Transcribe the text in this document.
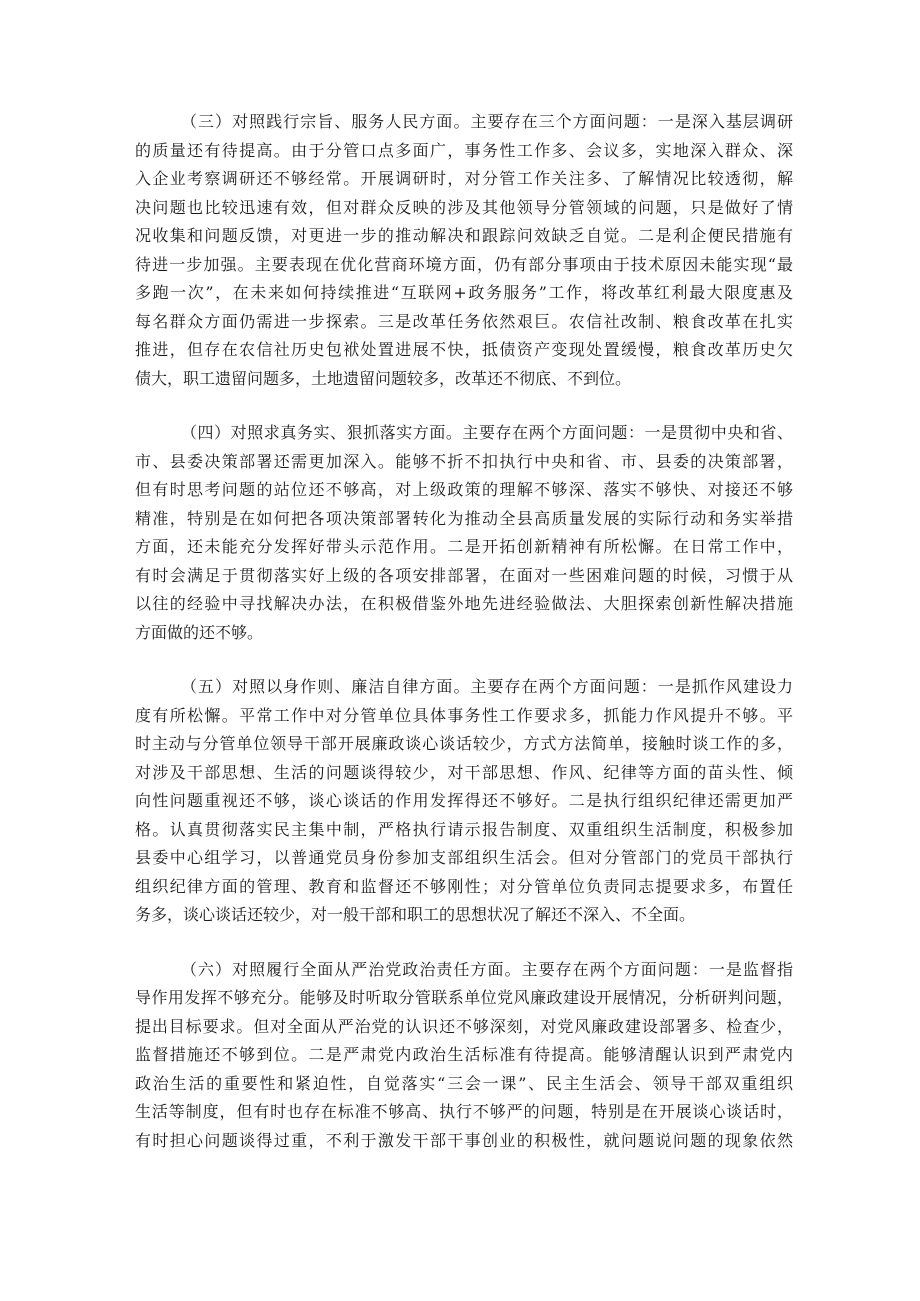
（三）对照践行宗旨、服务人民方面。主要存在三个方面问题：一是深入基层调研
的质量还有待提高。由于分管口点多面广，事务性工作多、会议多，实地深入群众、深
入企业考察调研还不够经常。开展调研时，对分管工作关注多、了解情况比较透彻，解
决问题也比较迅速有效，但对群众反映的涉及其他领导分管领域的问题，只是做好了情
况收集和问题反馈，对更进一步的推动解决和跟踪问效缺乏自觉。二是利企便民措施有
待进一步加强。主要表现在优化营商环境方面，仍有部分事项由于技术原因未能实现“最
多跑一次”，在未来如何持续推进“互联网+政务服务”工作，将改革红利最大限度惠及
每名群众方面仍需进一步探索。三是改革任务依然艰巨。农信社改制、粮食改革在扎实
推进，但存在农信社历史包袱处置进展不快，抵债资产变现处置缓慢，粮食改革历史欠
债大，职工遗留问题多，土地遗留问题较多，改革还不彻底、不到位。
（四）对照求真务实、狠抓落实方面。主要存在两个方面问题：一是贯彻中央和省、
市、县委决策部署还需更加深入。能够不折不扣执行中央和省、市、县委的决策部署，
但有时思考问题的站位还不够高，对上级政策的理解不够深、落实不够快、对接还不够
精准，特别是在如何把各项决策部署转化为推动全县高质量发展的实际行动和务实举措
方面，还未能充分发挥好带头示范作用。二是开拓创新精神有所松懈。在日常工作中，
有时会满足于贯彻落实好上级的各项安排部署，在面对一些困难问题的时候，习惯于从
以往的经验中寻找解决办法，在积极借鉴外地先进经验做法、大胆探索创新性解决措施
方面做的还不够。
（五）对照以身作则、廉洁自律方面。主要存在两个方面问题：一是抓作风建设力
度有所松懈。平常工作中对分管单位具体事务性工作要求多，抓能力作风提升不够。平
时主动与分管单位领导干部开展廉政谈心谈话较少，方式方法简单，接触时谈工作的多，
对涉及干部思想、生活的问题谈得较少，对干部思想、作风、纪律等方面的苗头性、倾
向性问题重视还不够，谈心谈话的作用发挥得还不够好。二是执行组织纪律还需更加严
格。认真贯彻落实民主集中制，严格执行请示报告制度、双重组织生活制度，积极参加
县委中心组学习，以普通党员身份参加支部组织生活会。但对分管部门的党员干部执行
组织纪律方面的管理、教育和监督还不够刚性；对分管单位负责同志提要求多，布置任
务多，谈心谈话还较少，对一般干部和职工的思想状况了解还不深入、不全面。
（六）对照履行全面从严治党政治责任方面。主要存在两个方面问题：一是监督指
导作用发挥不够充分。能够及时听取分管联系单位党风廉政建设开展情况，分析研判问题，
提出目标要求。但对全面从严治党的认识还不够深刻，对党风廉政建设部署多、检查少，
监督措施还不够到位。二是严肃党内政治生活标准有待提高。能够清醒认识到严肃党内
政治生活的重要性和紧迫性，自觉落实“三会一课”、民主生活会、领导干部双重组织
生活等制度，但有时也存在标准不够高、执行不够严的问题，特别是在开展谈心谈话时，
有时担心问题谈得过重，不利于激发干部干事创业的积极性，就问题说问题的现象依然
